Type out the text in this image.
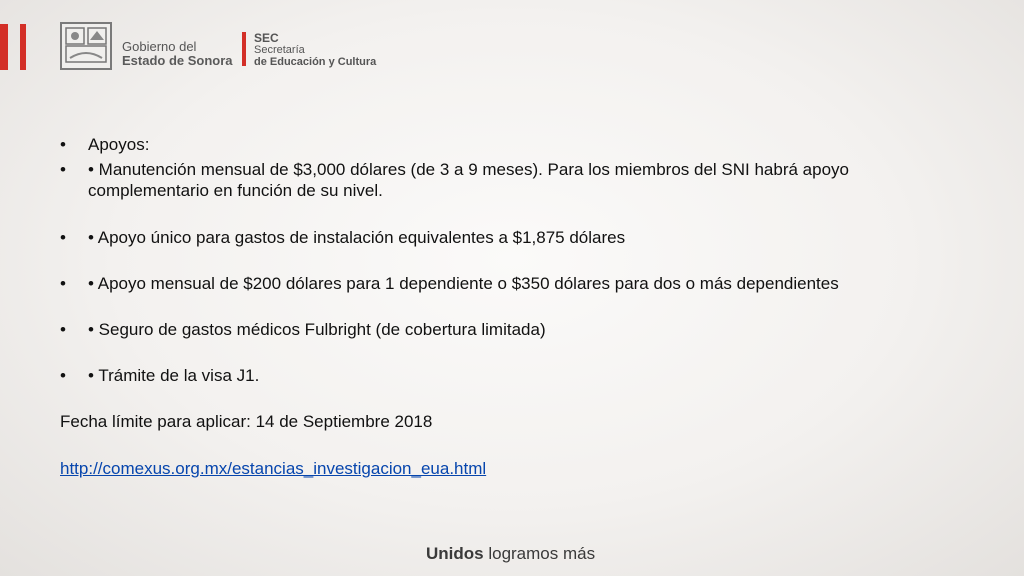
Gobierno del
Estado de Sonora
SEC
Secretaría
de Educación y Cultura
• Apoyos:
• • Manutención mensual de $3,000 dólares (de 3 a 9 meses). Para los miembros del SNI habrá apoyo complementario en función de su nivel.
• • Apoyo único para gastos de instalación equivalentes a $1,875 dólares
• • Apoyo mensual de $200 dólares para 1 dependiente o $350 dólares para dos o más dependientes
• • Seguro de gastos médicos Fulbright (de cobertura limitada)
• • Trámite de la visa J1.
Fecha límite para aplicar: 14 de Septiembre 2018
http://comexus.org.mx/estancias_investigacion_eua.html
Unidos logramos más
